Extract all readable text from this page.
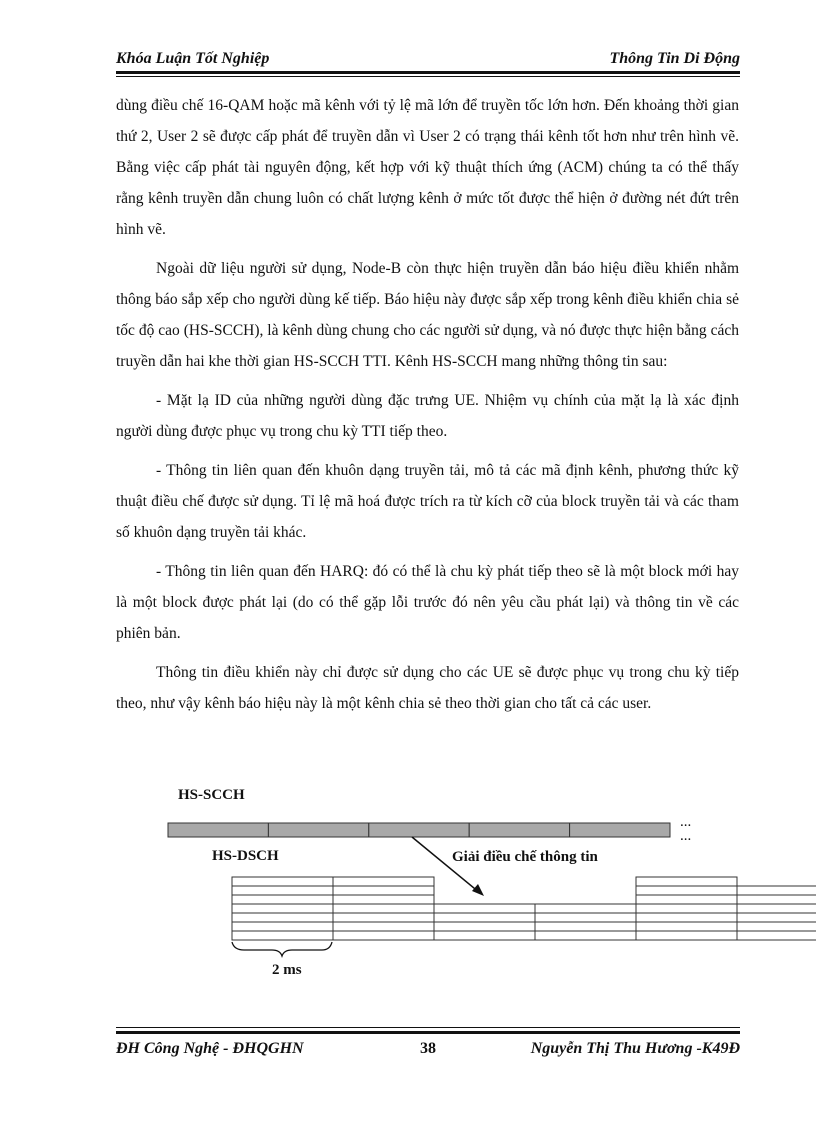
Khóa Luận Tốt Nghiệp	Thông Tin Di Động

dùng điều chế 16-QAM hoặc mã kênh với tỷ lệ mã lớn để truyền tốc lớn hơn. Đến khoảng thời gian thứ 2, User 2 sẽ được cấp phát để truyền dẫn vì User 2 có trạng thái kênh tốt hơn như trên hình vẽ. Bằng việc cấp phát tài nguyên động, kết hợp với kỹ thuật thích ứng (ACM) chúng ta có thể thấy rằng kênh truyền dẫn chung luôn có chất lượng kênh ở mức tốt được thể hiện ở đường nét đứt trên hình vẽ.

Ngoài dữ liệu người sử dụng, Node-B còn thực hiện truyền dẫn báo hiệu điều khiển nhằm thông báo sắp xếp cho người dùng kế tiếp. Báo hiệu này được sắp xếp trong kênh điều khiển chia sẻ tốc độ cao (HS-SCCH), là kênh dùng chung cho các người sử dụng, và nó được thực hiện bằng cách truyền dẫn hai khe thời gian HS-SCCH TTI. Kênh HS-SCCH mang những thông tin sau:

- Mặt lạ ID của những người dùng đặc trưng UE. Nhiệm vụ chính của mặt lạ là xác định người dùng được phục vụ trong chu kỳ TTI tiếp theo.

- Thông tin liên quan đến khuôn dạng truyền tải, mô tả các mã định kênh, phương thức kỹ thuật điều chế được sử dụng. Tỉ lệ mã hoá được trích ra từ kích cỡ của block truyền tải và các tham số khuôn dạng truyền tải khác.

- Thông tin liên quan đến HARQ: đó có thể là chu kỳ phát tiếp theo sẽ là một block mới hay là một block được phát lại (do có thể gặp lỗi trước đó nên yêu cầu phát lại) và thông tin về các phiên bản.

Thông tin điều khiển này chỉ được sử dụng cho các UE sẽ được phục vụ trong chu kỳ tiếp theo, như vậy kênh báo hiệu này là một kênh chia sẻ theo thời gian cho tất cả các user.

HS-SCCH
HS-DSCH	Giải điều chế thông tin
2 ms
...
...
ĐH Công Nghệ - ĐHQGHN	38	Nguyễn Thị Thu Hương -K49Đ
